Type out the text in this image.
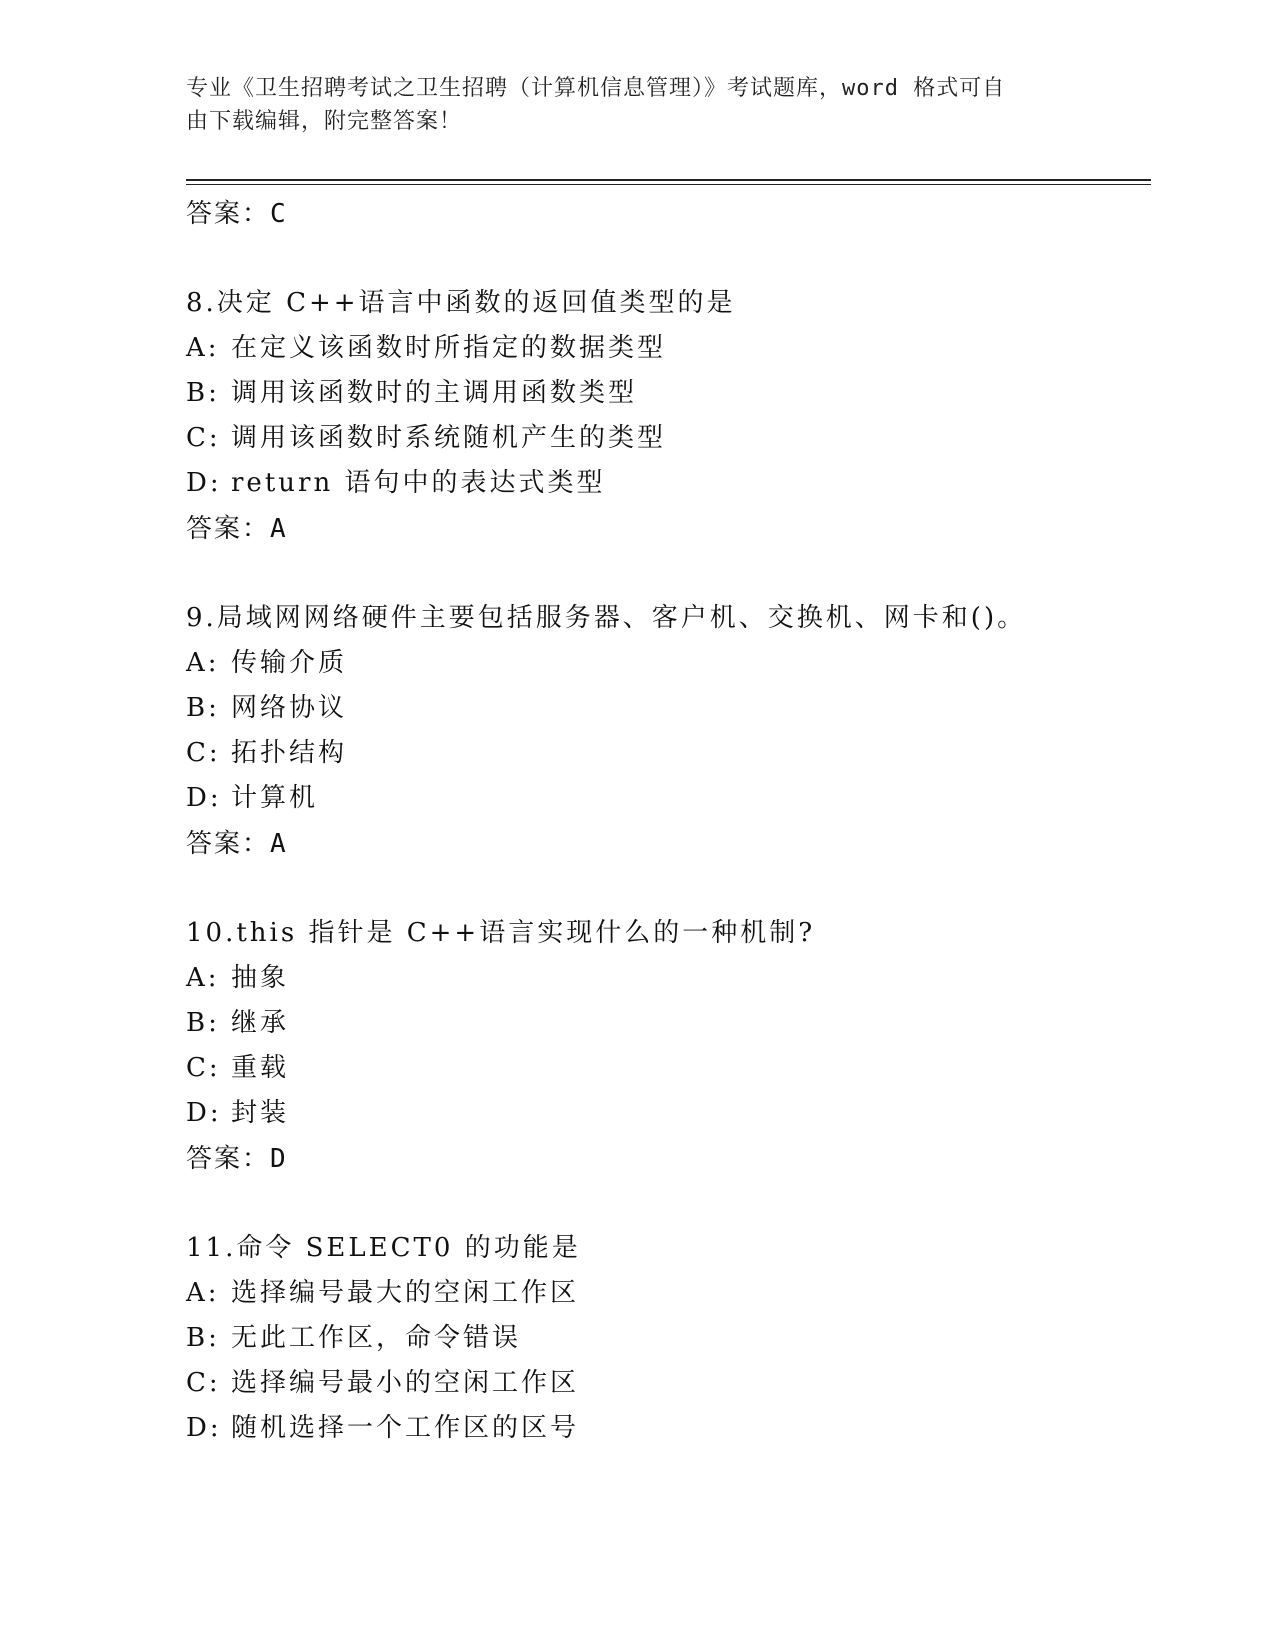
专业《卫生招聘考试之卫生招聘（计算机信息管理）》考试题库，word 格式可自
由下载编辑，附完整答案！
答案：C
8.决定 C++语言中函数的返回值类型的是
A: 在定义该函数时所指定的数据类型
B: 调用该函数时的主调用函数类型
C: 调用该函数时系统随机产生的类型
D: return 语句中的表达式类型
答案：A
9.局域网网络硬件主要包括服务器、客户机、交换机、网卡和()。
A: 传输介质
B: 网络协议
C: 拓扑结构
D: 计算机
答案：A
10.this 指针是 C++语言实现什么的一种机制?
A: 抽象
B: 继承
C: 重载
D: 封装
答案：D
11.命令 SELECT0 的功能是
A: 选择编号最大的空闲工作区
B: 无此工作区，命令错误
C: 选择编号最小的空闲工作区
D: 随机选择一个工作区的区号
